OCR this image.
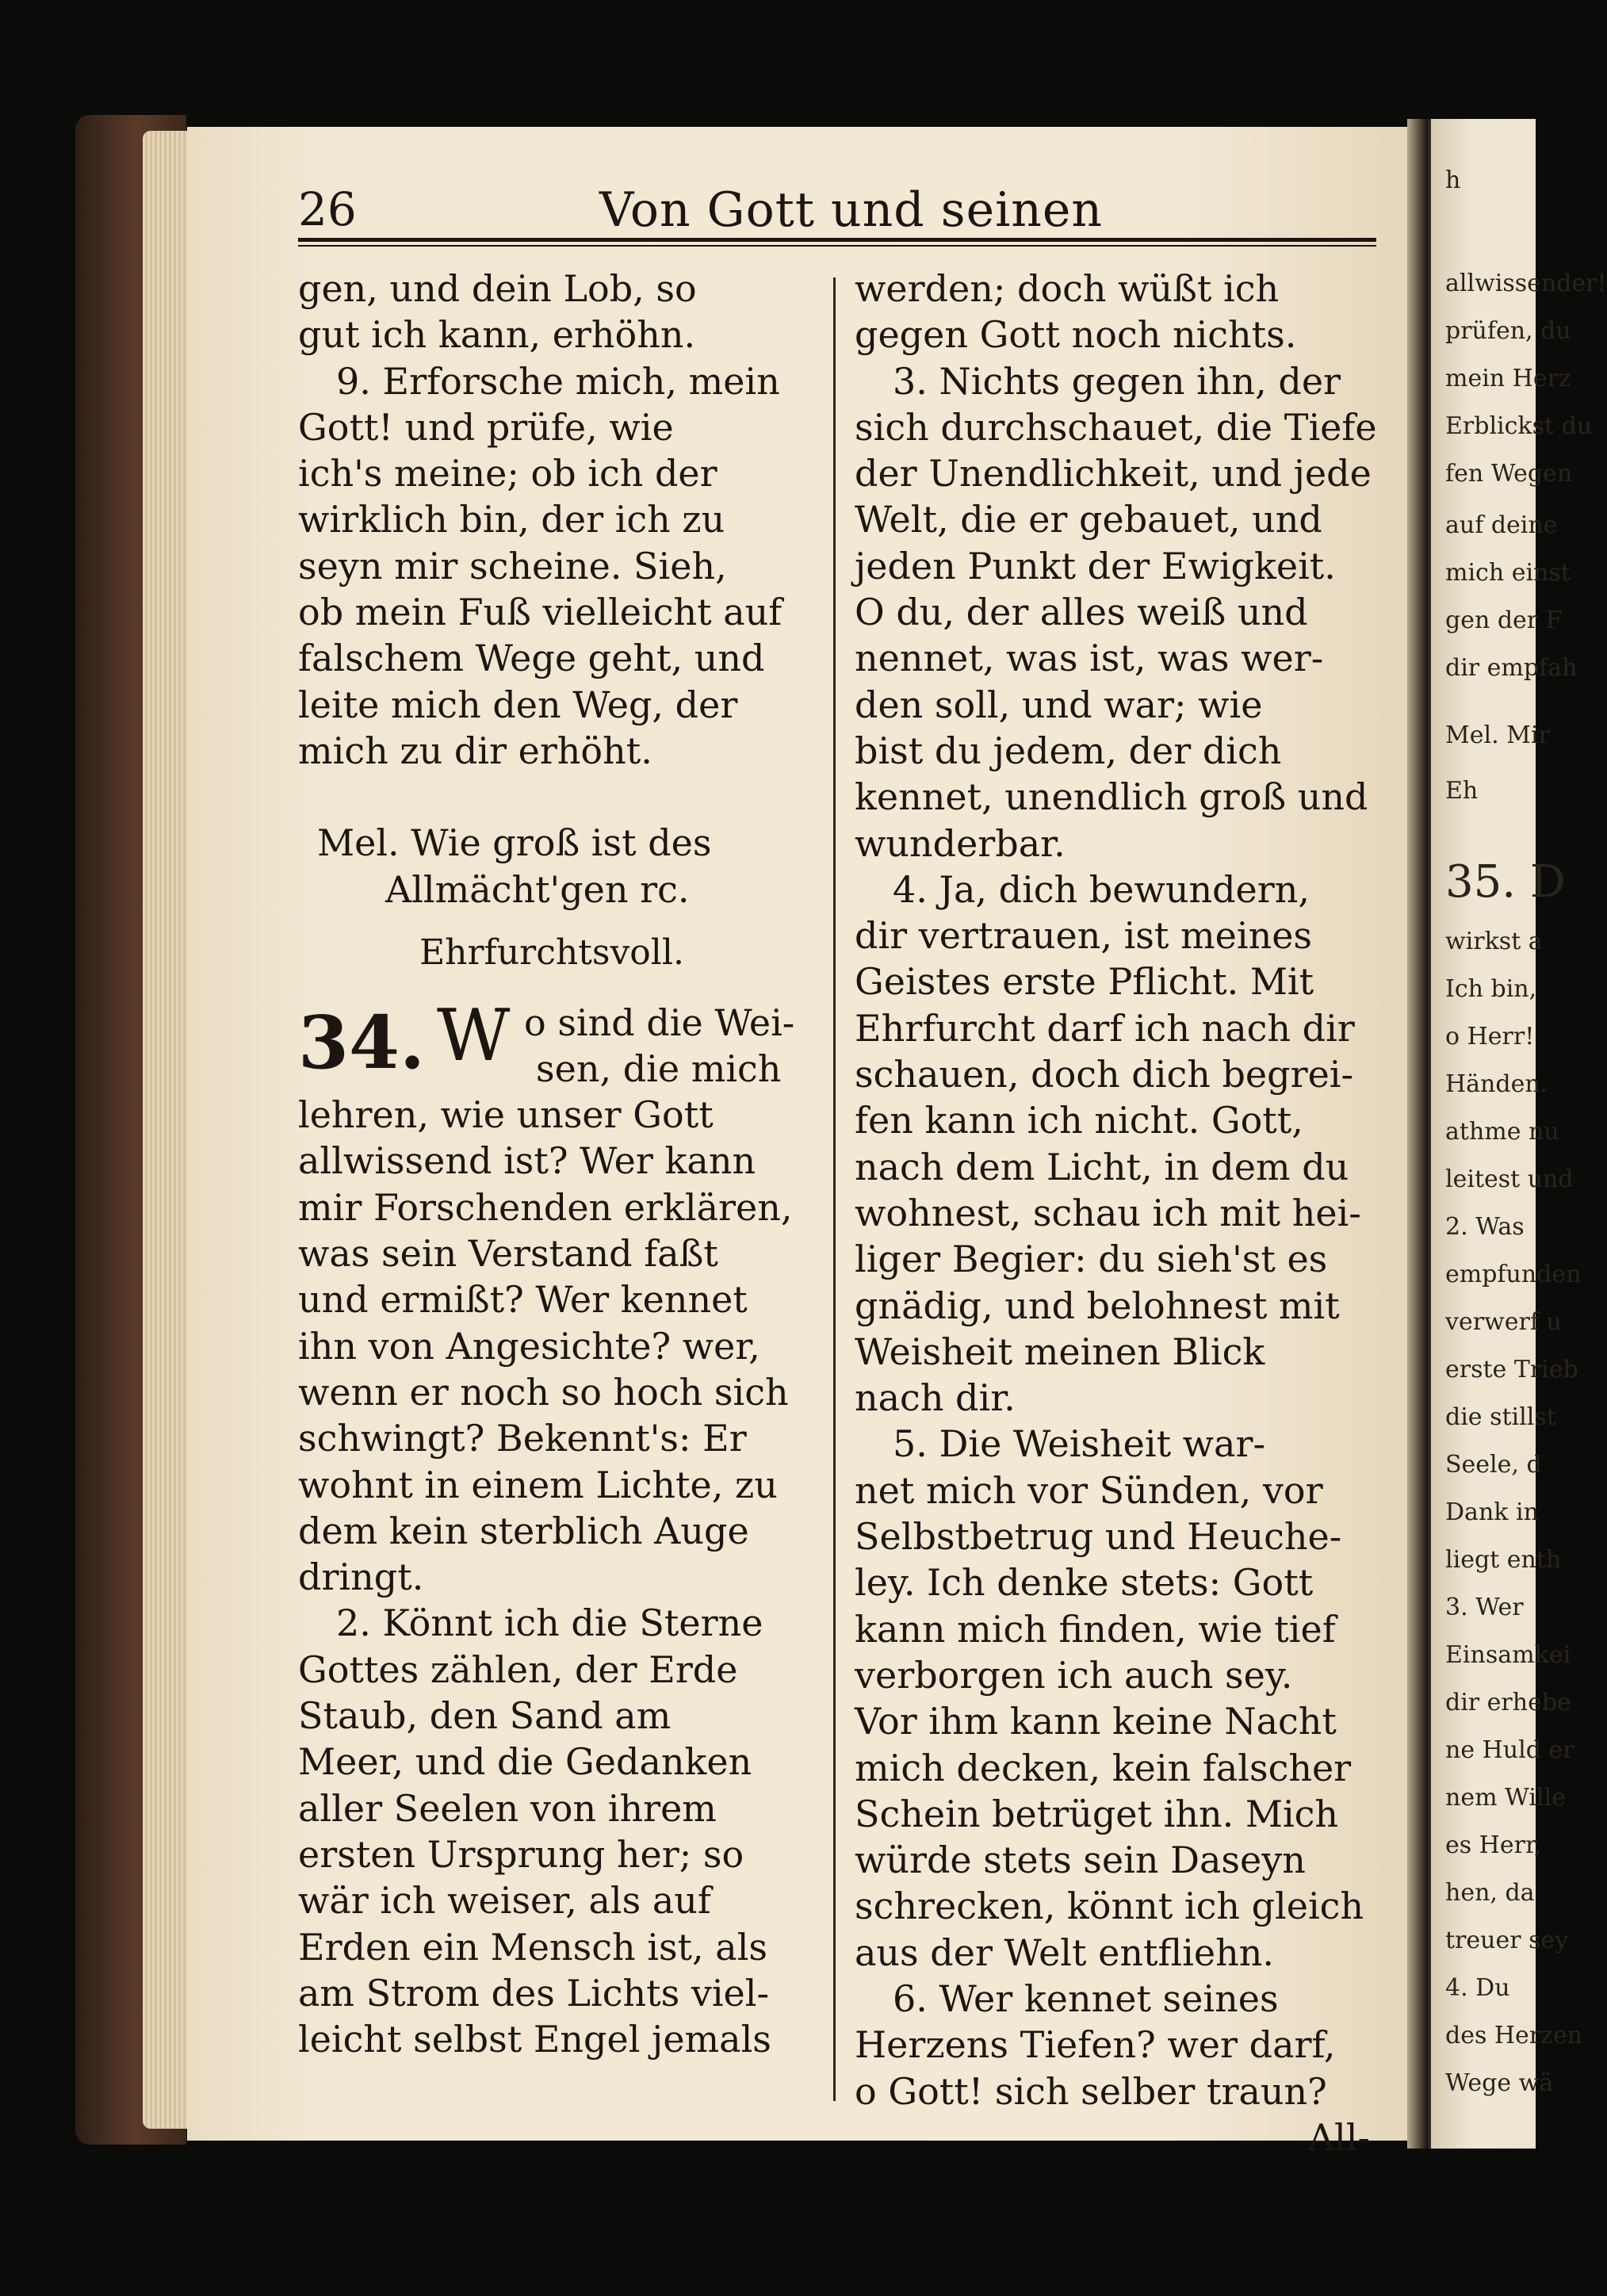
26	Von Gott und seinen

gen, und dein Lob, so

gut ich kann, erhöhn.

9. Erforsche mich, mein

Gott! und prüfe, wie

ich's meine; ob ich der

wirklich bin, der ich zu

seyn mir scheine. Sieh,

ob mein Fuß vielleicht auf

falschem Wege geht, und

leite mich den Weg, der

mich zu dir erhöht.

Mel. Wie groß ist des

Allmächt'gen rc.

Ehrfurchtsvoll.

34. W o sind die Wei-
sen, die mich

lehren, wie unser Gott

allwissend ist? Wer kann

mir Forschenden erklären,

was sein Verstand faßt

und ermißt? Wer kennet

ihn von Angesichte? wer,

wenn er noch so hoch sich

schwingt? Bekennt's: Er

wohnt in einem Lichte, zu

dem kein sterblich Auge

dringt.

2. Könnt ich die Sterne

Gottes zählen, der Erde

Staub, den Sand am

Meer, und die Gedanken

aller Seelen von ihrem

ersten Ursprung her; so

wär ich weiser, als auf

Erden ein Mensch ist, als

am Strom des Lichts viel-

leicht selbst Engel jemals

werden; doch wüßt ich

gegen Gott noch nichts.

3. Nichts gegen ihn, der

sich durchschauet, die Tiefe

der Unendlichkeit, und jede

Welt, die er gebauet, und

jeden Punkt der Ewigkeit.

O du, der alles weiß und

nennet, was ist, was wer-

den soll, und war; wie

bist du jedem, der dich

kennet, unendlich groß und

wunderbar.

4. Ja, dich bewundern,

dir vertrauen, ist meines

Geistes erste Pflicht. Mit

Ehrfurcht darf ich nach dir

schauen, doch dich begrei-

fen kann ich nicht. Gott,

nach dem Licht, in dem du

wohnest, schau ich mit hei-

liger Begier: du sieh'st es

gnädig, und belohnest mit

Weisheit meinen Blick

nach dir.

5. Die Weisheit war-

net mich vor Sünden, vor

Selbstbetrug und Heuche-

ley. Ich denke stets: Gott

kann mich finden, wie tief

verborgen ich auch sey.

Vor ihm kann keine Nacht

mich decken, kein falscher

Schein betrüget ihn. Mich

würde stets sein Daseyn

schrecken, könnt ich gleich

aus der Welt entfliehn.

6. Wer kennet seines

Herzens Tiefen? wer darf,

o Gott! sich selber traun?

All-

h
allwissender!
prüfen, du
mein Herz
Erblickst du
fen Wegen
auf deine
mich einst
gen der F
dir empfah
Mel. Mir
Eh
35. D
wirkst a
Ich bin,
o Herr!
Händen.
athme nu
leitest und
2. Was
empfunden
verwerf u
erste Trieb
die stillst
Seele, d
Dank in
liegt enth
3. Wer
Einsamkei
dir erhebe
ne Huld er
nem Wille
es Herr,
hen, da
treuer sey
4. Du
des Herzen
Wege wä
